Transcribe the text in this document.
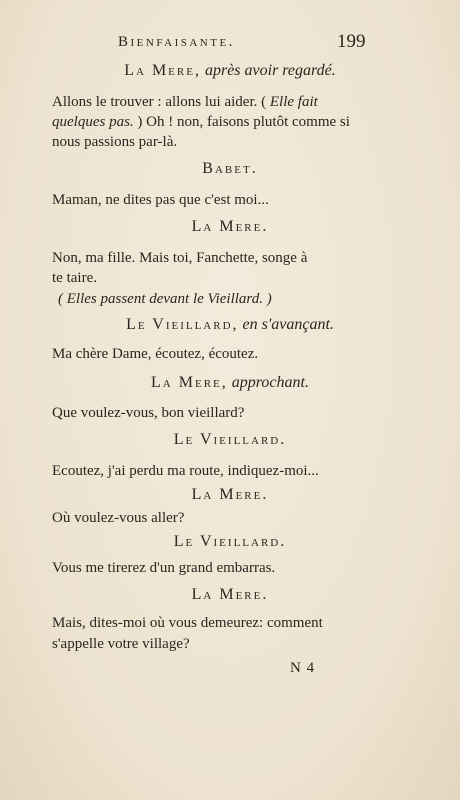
Bienfaisante.	199
La Mere, après avoir regardé.
Allons le trouver : allons lui aider. ( Elle fait
quelques pas. ) Oh ! non, faisons plutôt comme si
nous passions par-là.
Babet.
Maman, ne dites pas que c'est moi...
La Mere.
Non, ma fille. Mais toi, Fanchette, songe à
te taire.
( Elles passent devant le Vieillard. )
Le Vieillard, en s'avançant.
Ma chère Dame, écoutez, écoutez.
La Mere, approchant.
Que voulez-vous, bon vieillard?
Le Vieillard.
Ecoutez, j'ai perdu ma route, indiquez-moi...
La Mere.
Où voulez-vous aller?
Le Vieillard.
Vous me tirerez d'un grand embarras.
La Mere.
Mais, dites-moi où vous demeurez: comment
s'appelle votre village?
N 4
